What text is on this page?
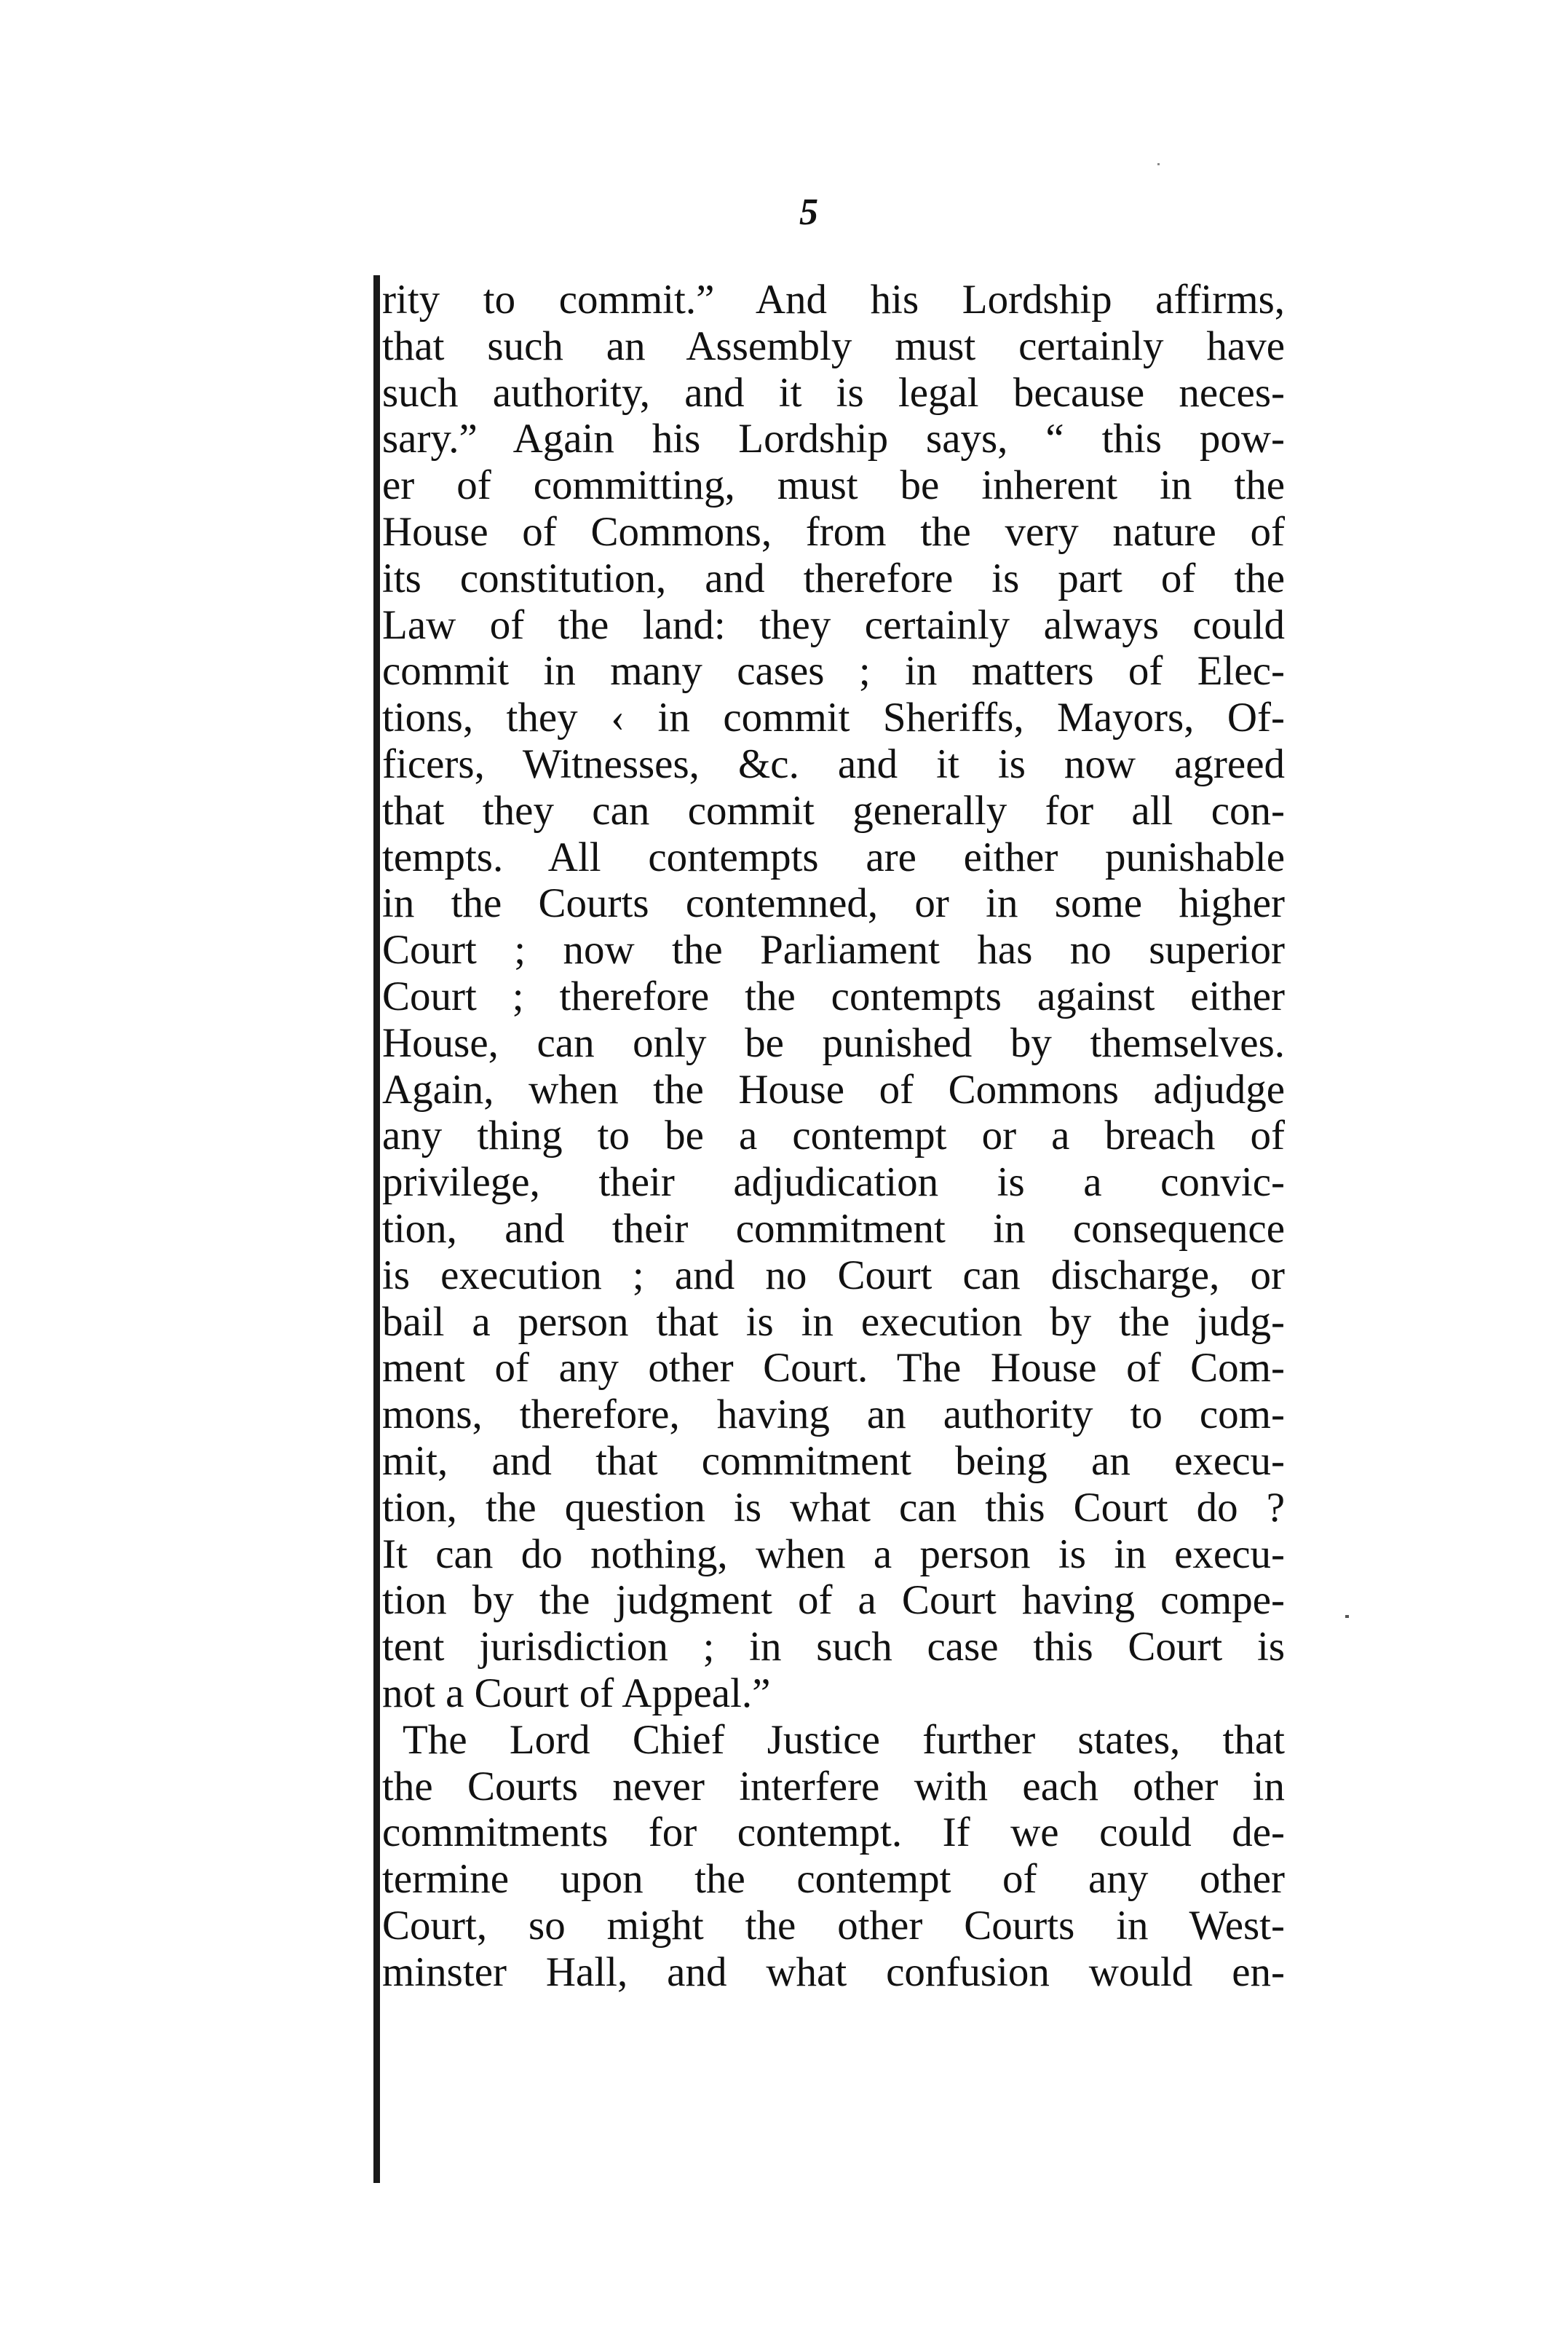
5
rity to commit.” And his Lordship affirms,
that such an Assembly must certainly have
such authority, and it is legal because neces-
sary.” Again his Lordship says, “ this pow-
er of committing, must be inherent in the
House of Commons, from the very nature of
its constitution, and therefore is part of the
Law of the land: they certainly always could
commit in many cases ; in matters of Elec-
tions, they ‹ in commit Sheriffs, Mayors, Of-
ficers, Witnesses, &c. and it is now agreed
that they can commit generally for all con-
tempts. All contempts are either punishable
in the Courts contemned, or in some higher
Court ; now the Parliament has no superior
Court ; therefore the contempts against either
House, can only be punished by themselves.
Again, when the House of Commons adjudge
any thing to be a contempt or a breach of
privilege, their adjudication is a convic-
tion, and their commitment in consequence
is execution ; and no Court can discharge, or
bail a person that is in execution by the judg-
ment of any other Court. The House of Com-
mons, therefore, having an authority to com-
mit, and that commitment being an execu-
tion, the question is what can this Court do ?
It can do nothing, when a person is in execu-
tion by the judgment of a Court having compe-
tent jurisdiction ; in such case this Court is
not a Court of Appeal.”
The Lord Chief Justice further states, that
the Courts never interfere with each other in
commitments for contempt. If we could de-
termine upon the contempt of any other
Court, so might the other Courts in West-
minster Hall, and what confusion would en-
